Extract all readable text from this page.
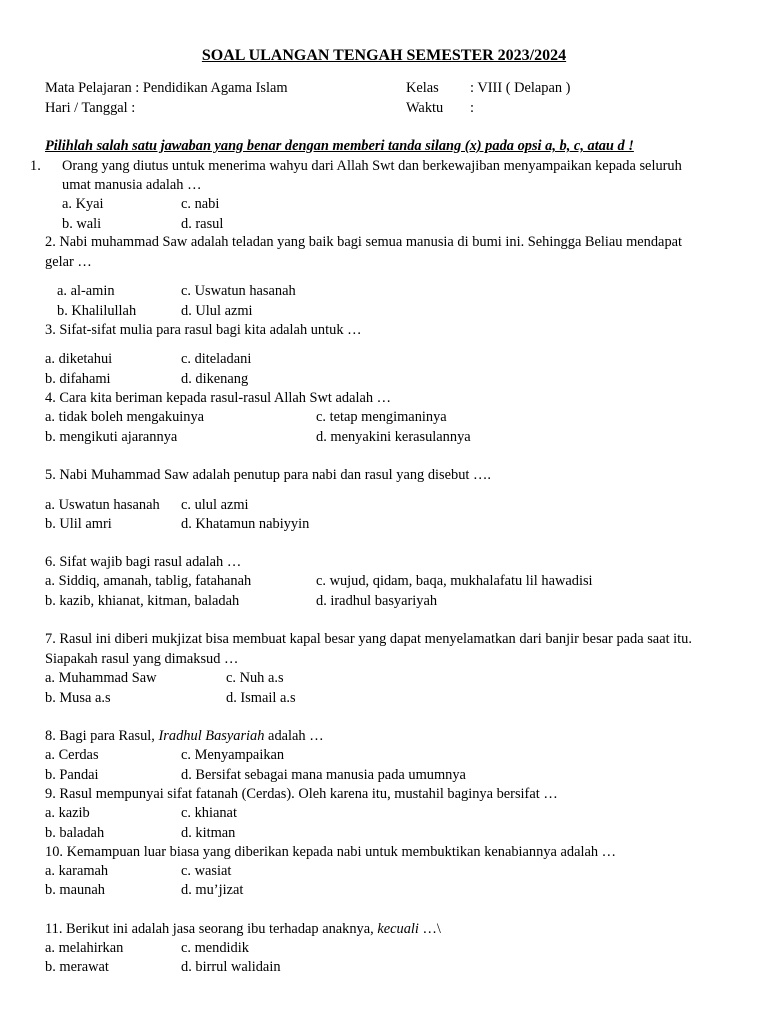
SOAL ULANGAN TENGAH SEMESTER 2023/2024
Mata Pelajaran : Pendidikan Agama Islam
Hari / Tanggal :
Kelas : VIII ( Delapan )
Waktu :
Pilihlah salah satu jawaban yang benar dengan memberi tanda silang (x) pada opsi a, b, c, atau d !
1. Orang yang diutus untuk menerima wahyu dari Allah Swt dan berkewajiban menyampaikan kepada seluruh
umat manusia adalah …
a. Kyai	c. nabi
b. wali	d. rasul
2. Nabi muhammad Saw adalah teladan yang baik bagi semua manusia di bumi ini. Sehingga Beliau mendapat
gelar …
a. al-amin	c. Uswatun hasanah
b. Khalilullah	d. Ulul azmi
3. Sifat-sifat mulia para rasul bagi kita adalah untuk …
a. diketahui	c. diteladani
b. difahami	d. dikenang
4. Cara kita beriman kepada rasul-rasul Allah Swt adalah …
a. tidak boleh mengakuinya	c. tetap mengimaninya
b. mengikuti ajarannya	d. menyakini kerasulannya
5. Nabi Muhammad Saw adalah penutup para nabi dan rasul yang disebut ….
a. Uswatun hasanah c. ulul azmi
b. Ulil amri	d. Khatamun nabiyyin
6. Sifat wajib bagi rasul adalah …
a. Siddiq, amanah, tablig, fatahanah	c. wujud, qidam, baqa, mukhalafatu lil hawadisi
b. kazib, khianat, kitman, baladah	d. iradhul basyariyah
7. Rasul ini diberi mukjizat bisa membuat kapal besar yang dapat menyelamatkan dari banjir besar pada saat itu.
Siapakah rasul yang dimaksud …
a. Muhammad Saw	c. Nuh a.s
b. Musa a.s	d. Ismail a.s
8. Bagi para Rasul, Iradhul Basyariah adalah …
a. Cerdas	c. Menyampaikan
b. Pandai	d. Bersifat sebagai mana manusia pada umumnya
9. Rasul mempunyai sifat fatanah (Cerdas). Oleh karena itu, mustahil baginya bersifat …
a. kazib	c. khianat
b. baladah	d. kitman
10. Kemampuan luar biasa yang diberikan kepada nabi untuk membuktikan kenabiannya adalah …
a. karamah	c. wasiat
b. maunah	d. mu’jizat
11. Berikut ini adalah jasa seorang ibu terhadap anaknya, kecuali …\
a. melahirkan	c. mendidik
b. merawat	d. birrul walidain
